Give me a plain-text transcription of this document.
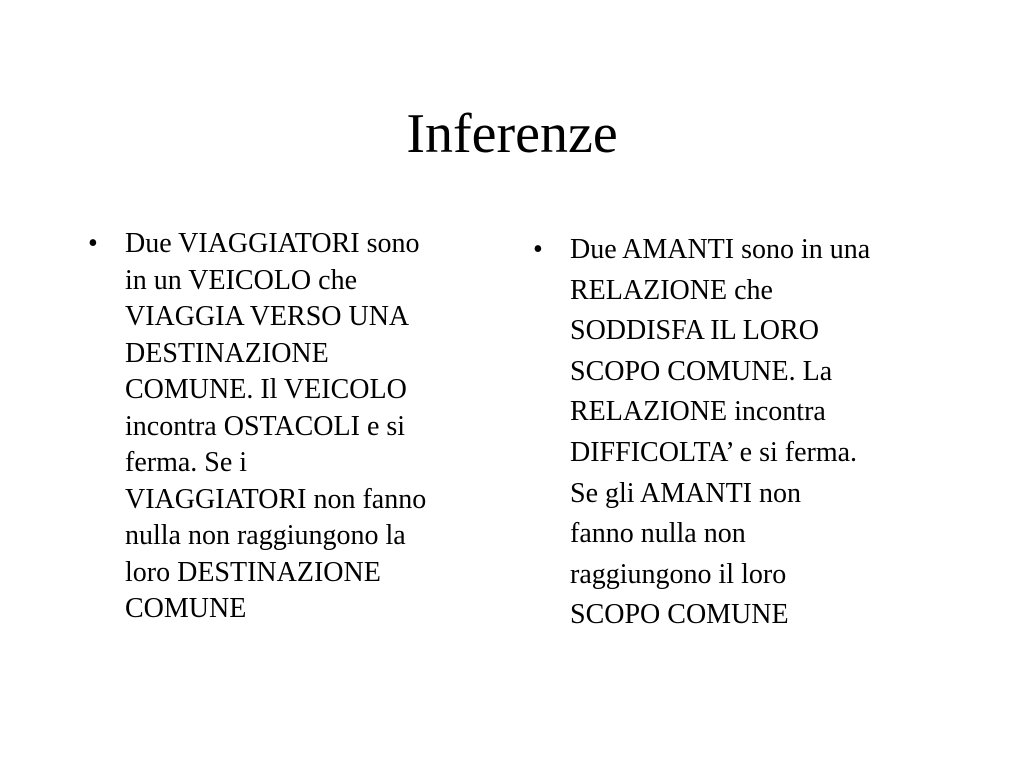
Inferenze
• Due VIAGGIATORI sono
in un VEICOLO che
VIAGGIA VERSO UNA
DESTINAZIONE
COMUNE. Il VEICOLO
incontra OSTACOLI e si
ferma. Se i
VIAGGIATORI non fanno
nulla non raggiungono la
loro DESTINAZIONE
COMUNE
• Due AMANTI sono in una
RELAZIONE che
SODDISFA IL LORO
SCOPO COMUNE. La
RELAZIONE incontra
DIFFICOLTA’ e si ferma.
Se gli AMANTI non
fanno nulla non
raggiungono il loro
SCOPO COMUNE
